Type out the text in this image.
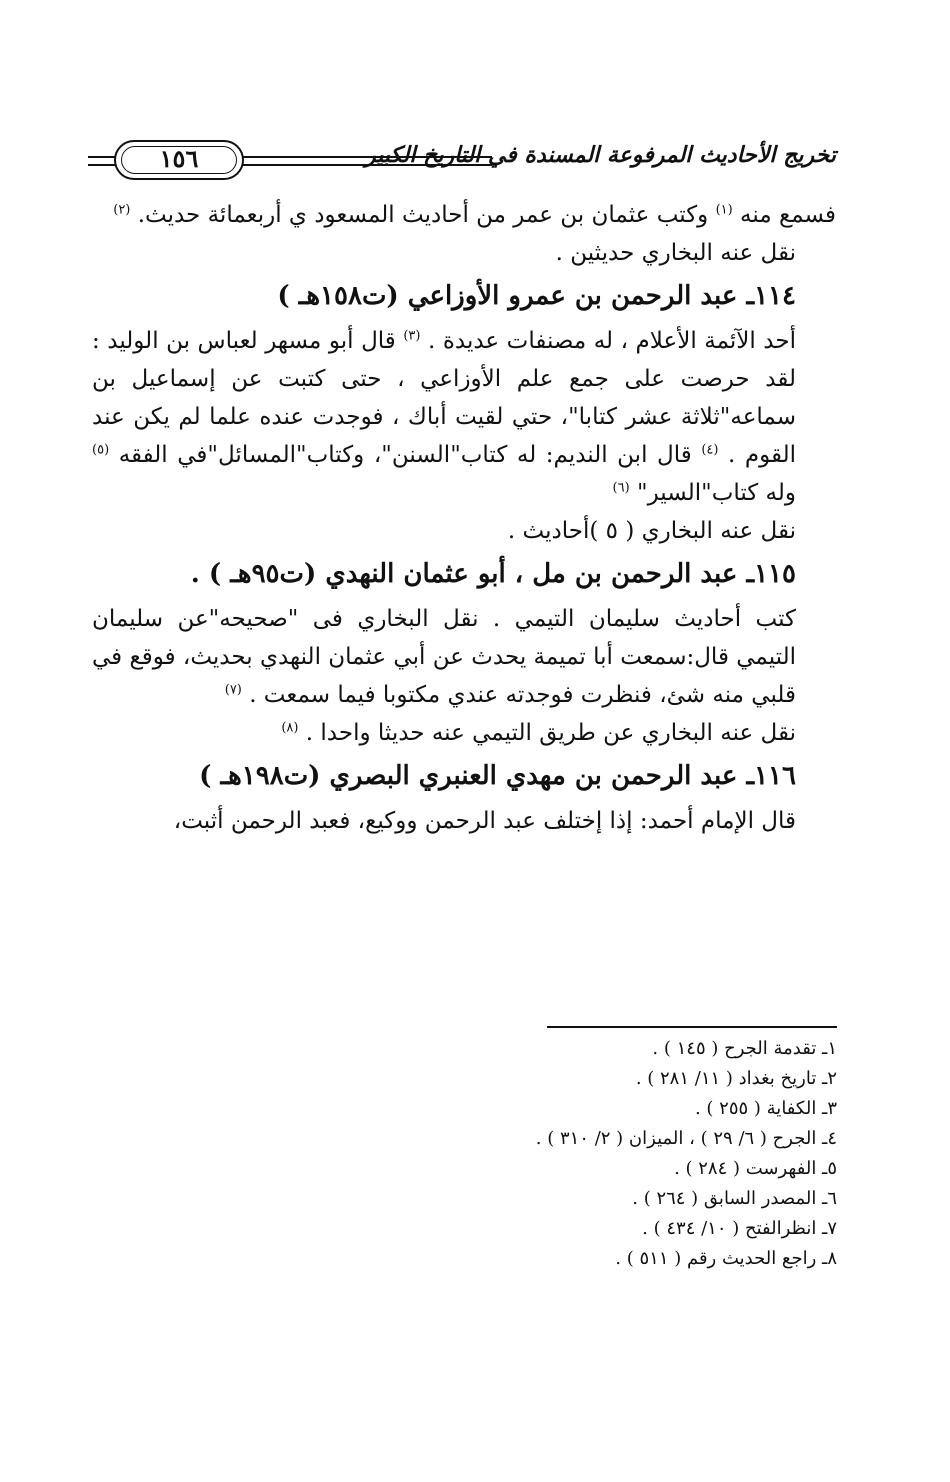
تخريج الأحاديث المرفوعة المسندة في التاريخ الكبير
١٥٦

فسمع منه $^{(١)}$ وكتب عثمان بن عمر من أحاديث المسعود ي أربعمائة حديث. $^{(٢)}$

نقل عنه البخاري حديثين .

١١٤ـ عبد الرحمن بن عمرو الأوزاعي (ت١٥٨هـ )

أحد الآئمة الأعلام ، له مصنفات عديدة . $^{(٣)}$ قال أبو مسهر لعباس بن الوليد : لقد حرصت على جمع علم الأوزاعي ، حتى كتبت عن إسماعيل بن سماعه"ثلاثة عشر كتابا"، حتي لقيت أباك ، فوجدت عنده علما لم يكن عند القوم . $^{(٤)}$ قال ابن النديم: له كتاب"السنن"، وكتاب"المسائل"في الفقه $^{(٥)}$ وله كتاب"السير" $^{(٦)}$

نقل عنه البخاري ( ٥ )أحاديث .

١١٥ـ عبد الرحمن بن مل ، أبو عثمان النهدي (ت٩٥هـ ) .

كتب أحاديث سليمان التيمي . نقل البخاري فى "صحيحه"عن سليمان التيمي قال:سمعت أبا تميمة يحدث عن أبي عثمان النهدي بحديث، فوقع في قلبي منه شئ، فنظرت فوجدته عندي مكتوبا فيما سمعت . $^{(٧)}$

نقل عنه البخاري عن طريق التيمي عنه حديثا واحدا . $^{(٨)}$

١١٦ـ عبد الرحمن بن مهدي العنبري البصري (ت١٩٨هـ )

قال الإمام أحمد: إذا إختلف عبد الرحمن ووكيع، فعبد الرحمن أثبت،

١ـ تقدمة الجرح ( ١٤٥ ) .
٢ـ تاريخ بغداد ( ١١/ ٢٨١ ) .
٣ـ الكفاية ( ٢٥٥ ) .
٤ـ الجرح ( ٦/ ٢٩ ) ، الميزان ( ٢/ ٣١٠ ) .
٥ـ الفهرست ( ٢٨٤ ) .
٦ـ المصدر السابق ( ٢٦٤ ) .
٧ـ انظرالفتح ( ١٠/ ٤٣٤ ) .
٨ـ راجع الحديث رقم ( ٥١١ ) .
